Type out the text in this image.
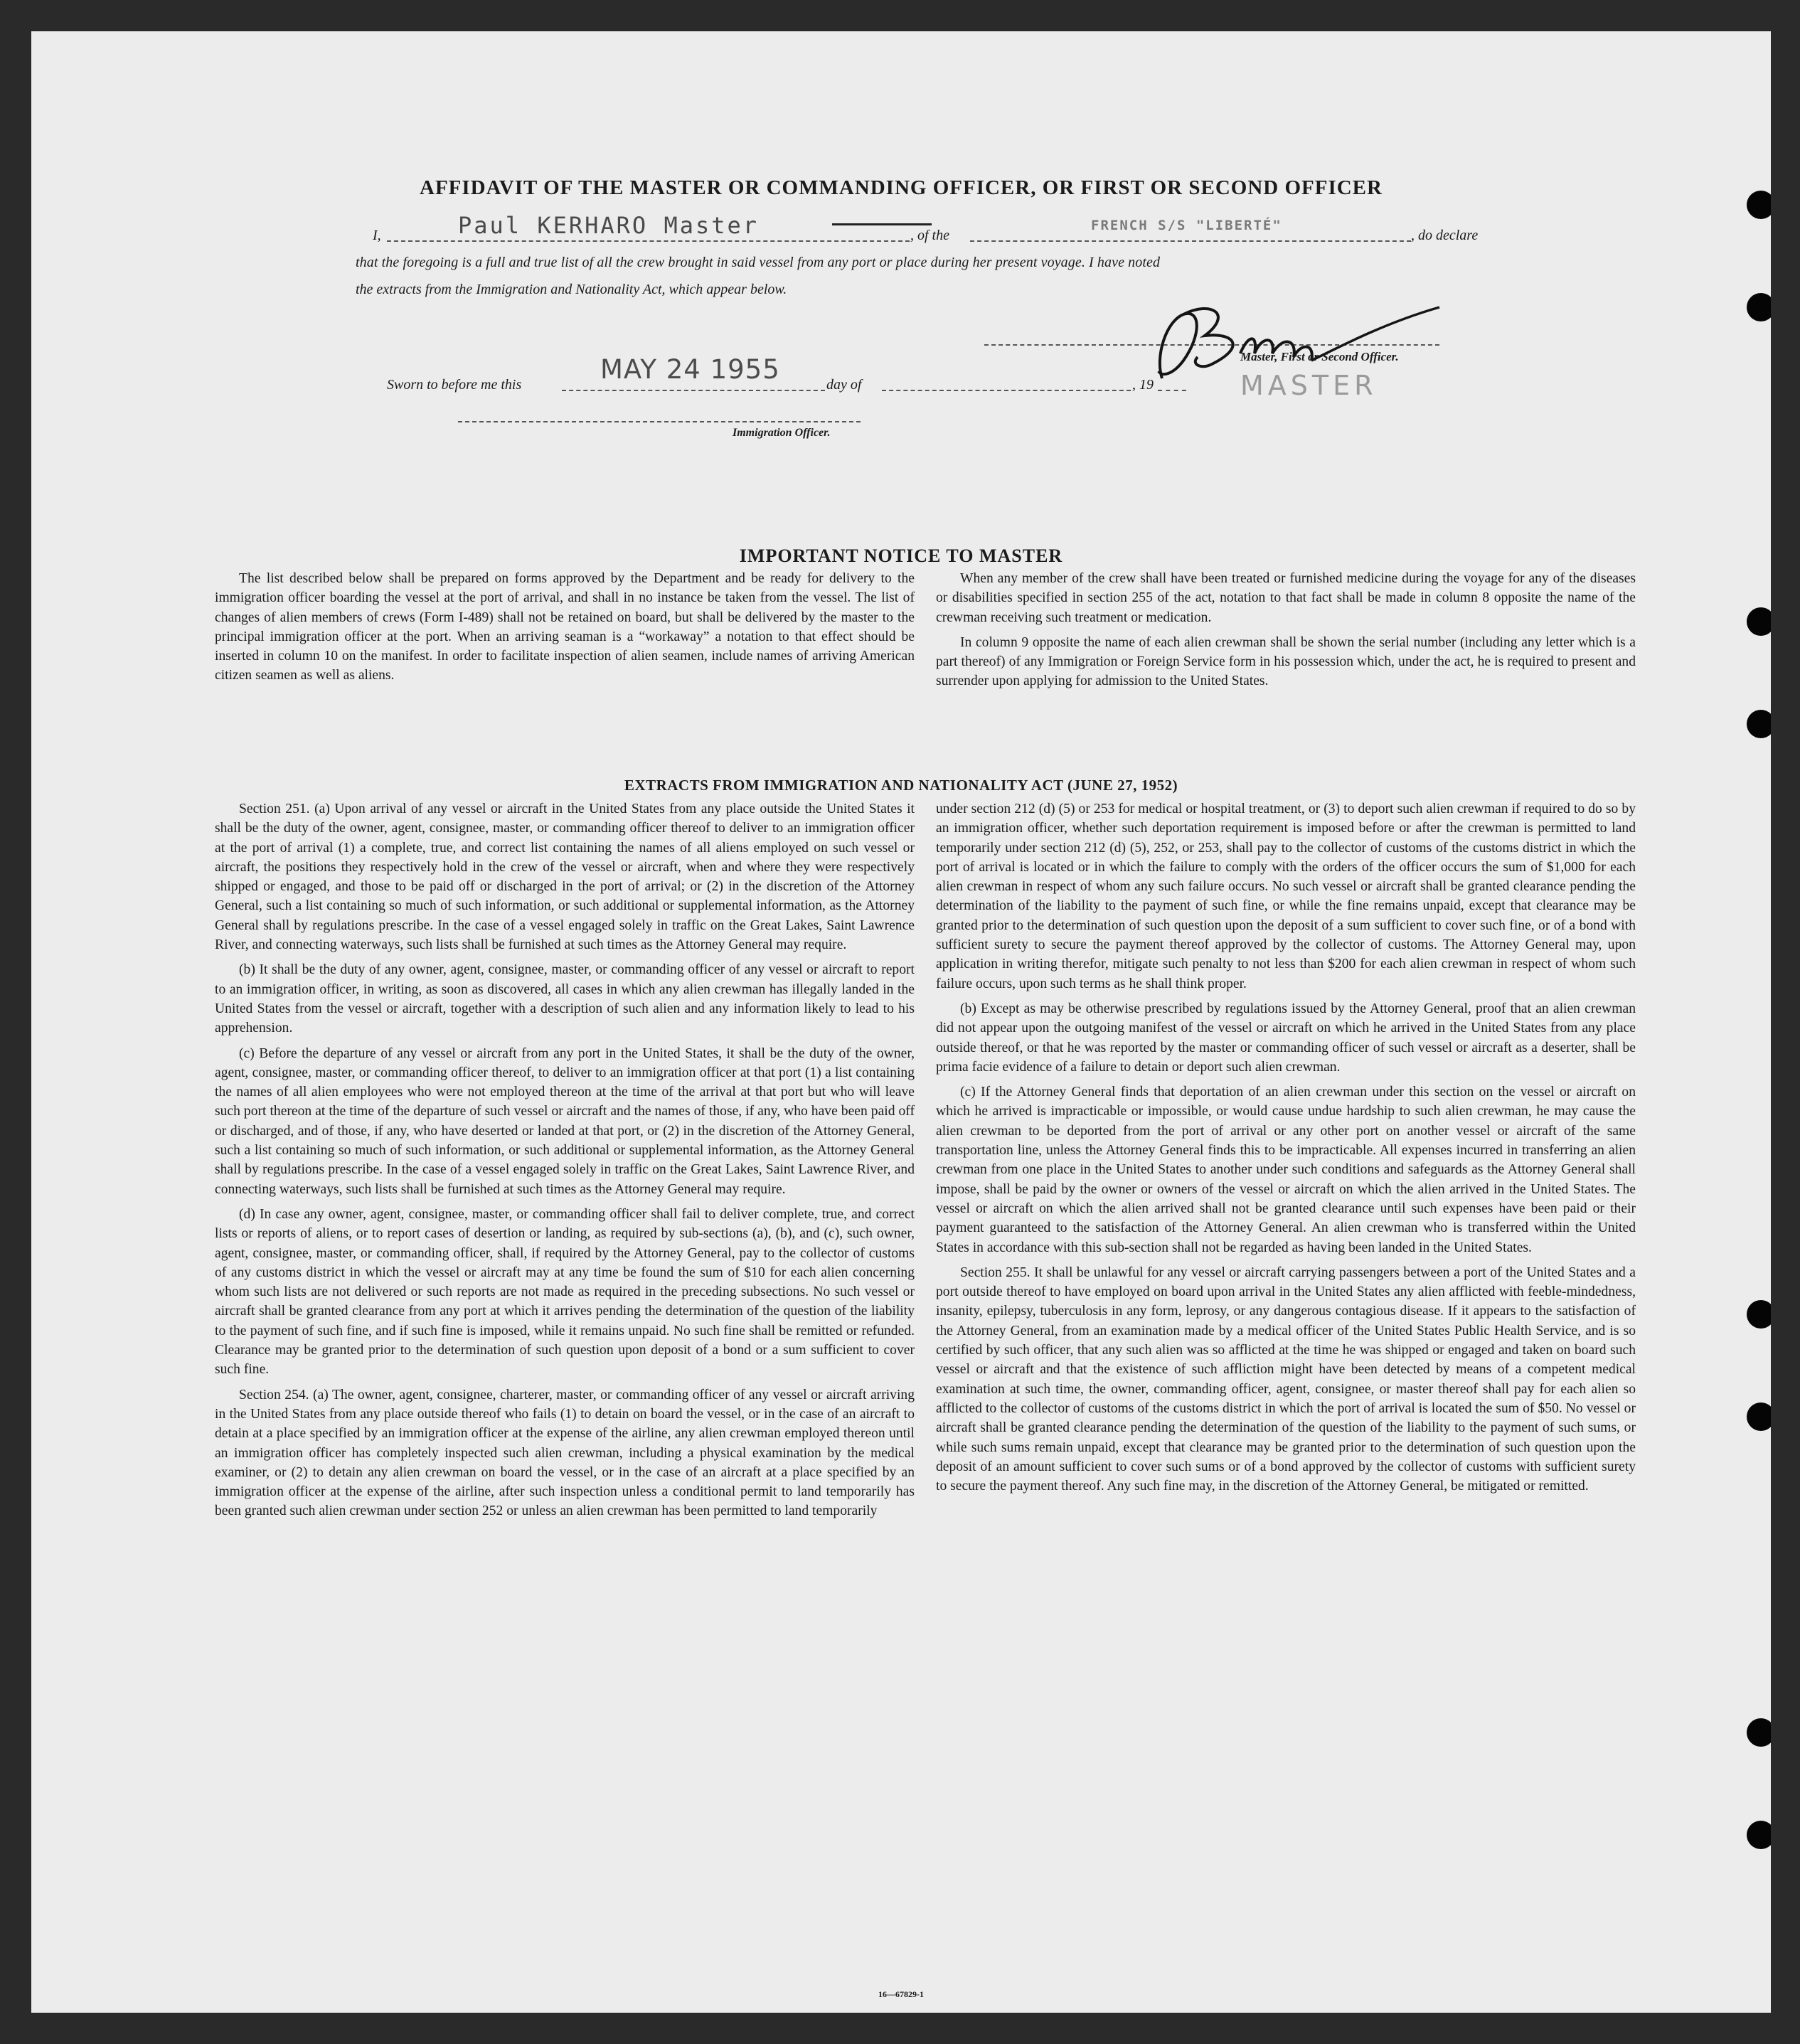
AFFIDAVIT OF THE MASTER OR COMMANDING OFFICER, OR FIRST OR SECOND OFFICER
I,	Paul KERHARO Master	, of the
FRENCH S/S "LIBERTÉ"
, do declare
that the foregoing is a full and true list of all the crew brought in said vessel from any port or place during her present voyage. I have noted
the extracts from the Immigration and Nationality Act, which appear below.
Master, First or Second Officer.
MASTER
Sworn to before me this	MAY 24 1955	day of	, 19
Immigration Officer.
IMPORTANT NOTICE TO MASTER

The list described below shall be prepared on forms approved by the Department and be ready for delivery to the immigration officer boarding the vessel at the port of arrival, and shall in no instance be taken from the vessel. The list of changes of alien members of crews (Form I-489) shall not be retained on board, but shall be delivered by the master to the principal immigration officer at the port. When an arriving seaman is a “workaway” a notation to that effect should be inserted in column 10 on the manifest. In order to facilitate inspection of alien seamen, include names of arriving American citizen seamen as well as aliens.

When any member of the crew shall have been treated or furnished medicine during the voyage for any of the diseases or disabilities specified in section 255 of the act, notation to that fact shall be made in column 8 opposite the name of the crewman receiving such treatment or medication.

In column 9 opposite the name of each alien crewman shall be shown the serial number (including any letter which is a part thereof) of any Immigration or Foreign Service form in his possession which, under the act, he is required to present and surrender upon applying for admission to the United States.

EXTRACTS FROM IMMIGRATION AND NATIONALITY ACT (JUNE 27, 1952)

Section 251. (a) Upon arrival of any vessel or aircraft in the United States from any place outside the United States it shall be the duty of the owner, agent, consignee, master, or commanding officer thereof to deliver to an immigration officer at the port of arrival (1) a complete, true, and correct list containing the names of all aliens employed on such vessel or aircraft, the positions they respectively hold in the crew of the vessel or aircraft, when and where they were respectively shipped or engaged, and those to be paid off or discharged in the port of arrival; or (2) in the discretion of the Attorney General, such a list containing so much of such information, or such additional or supplemental information, as the Attorney General shall by regulations prescribe. In the case of a vessel engaged solely in traffic on the Great Lakes, Saint Lawrence River, and connecting waterways, such lists shall be furnished at such times as the Attorney General may require.

(b) It shall be the duty of any owner, agent, consignee, master, or commanding officer of any vessel or aircraft to report to an immigration officer, in writing, as soon as discovered, all cases in which any alien crewman has illegally landed in the United States from the vessel or aircraft, together with a description of such alien and any information likely to lead to his apprehension.

(c) Before the departure of any vessel or aircraft from any port in the United States, it shall be the duty of the owner, agent, consignee, master, or commanding officer thereof, to deliver to an immigration officer at that port (1) a list containing the names of all alien employees who were not employed thereon at the time of the arrival at that port but who will leave such port thereon at the time of the departure of such vessel or aircraft and the names of those, if any, who have been paid off or discharged, and of those, if any, who have deserted or landed at that port, or (2) in the discretion of the Attorney General, such a list containing so much of such information, or such additional or supplemental information, as the Attorney General shall by regulations prescribe. In the case of a vessel engaged solely in traffic on the Great Lakes, Saint Lawrence River, and connecting waterways, such lists shall be furnished at such times as the Attorney General may require.

(d) In case any owner, agent, consignee, master, or commanding officer shall fail to deliver complete, true, and correct lists or reports of aliens, or to report cases of desertion or landing, as required by sub-sections (a), (b), and (c), such owner, agent, consignee, master, or commanding officer, shall, if required by the Attorney General, pay to the collector of customs of any customs district in which the vessel or aircraft may at any time be found the sum of $10 for each alien concerning whom such lists are not delivered or such reports are not made as required in the preceding subsections. No such vessel or aircraft shall be granted clearance from any port at which it arrives pending the determination of the question of the liability to the payment of such fine, and if such fine is imposed, while it remains unpaid. No such fine shall be remitted or refunded. Clearance may be granted prior to the determination of such question upon deposit of a bond or a sum sufficient to cover such fine.

Section 254. (a) The owner, agent, consignee, charterer, master, or commanding officer of any vessel or aircraft arriving in the United States from any place outside thereof who fails (1) to detain on board the vessel, or in the case of an aircraft to detain at a place specified by an immigration officer at the expense of the airline, any alien crewman employed thereon until an immigration officer has completely inspected such alien crewman, including a physical examination by the medical examiner, or (2) to detain any alien crewman on board the vessel, or in the case of an aircraft at a place specified by an immigration officer at the expense of the airline, after such inspection unless a conditional permit to land temporarily has been granted such alien crewman under section 252 or unless an alien crewman has been permitted to land temporarily

under section 212 (d) (5) or 253 for medical or hospital treatment, or (3) to deport such alien crewman if required to do so by an immigration officer, whether such deportation requirement is imposed before or after the crewman is permitted to land temporarily under section 212 (d) (5), 252, or 253, shall pay to the collector of customs of the customs district in which the port of arrival is located or in which the failure to comply with the orders of the officer occurs the sum of $1,000 for each alien crewman in respect of whom any such failure occurs. No such vessel or aircraft shall be granted clearance pending the determination of the liability to the payment of such fine, or while the fine remains unpaid, except that clearance may be granted prior to the determination of such question upon the deposit of a sum sufficient to cover such fine, or of a bond with sufficient surety to secure the payment thereof approved by the collector of customs. The Attorney General may, upon application in writing therefor, mitigate such penalty to not less than $200 for each alien crewman in respect of whom such failure occurs, upon such terms as he shall think proper.

(b) Except as may be otherwise prescribed by regulations issued by the Attorney General, proof that an alien crewman did not appear upon the outgoing manifest of the vessel or aircraft on which he arrived in the United States from any place outside thereof, or that he was reported by the master or commanding officer of such vessel or aircraft as a deserter, shall be prima facie evidence of a failure to detain or deport such alien crewman.

(c) If the Attorney General finds that deportation of an alien crewman under this section on the vessel or aircraft on which he arrived is impracticable or impossible, or would cause undue hardship to such alien crewman, he may cause the alien crewman to be deported from the port of arrival or any other port on another vessel or aircraft of the same transportation line, unless the Attorney General finds this to be impracticable. All expenses incurred in transferring an alien crewman from one place in the United States to another under such conditions and safeguards as the Attorney General shall impose, shall be paid by the owner or owners of the vessel or aircraft on which the alien arrived in the United States. The vessel or aircraft on which the alien arrived shall not be granted clearance until such expenses have been paid or their payment guaranteed to the satisfaction of the Attorney General. An alien crewman who is transferred within the United States in accordance with this sub-section shall not be regarded as having been landed in the United States.

Section 255. It shall be unlawful for any vessel or aircraft carrying passengers between a port of the United States and a port outside thereof to have employed on board upon arrival in the United States any alien afflicted with feeble-mindedness, insanity, epilepsy, tuberculosis in any form, leprosy, or any dangerous contagious disease. If it appears to the satisfaction of the Attorney General, from an examination made by a medical officer of the United States Public Health Service, and is so certified by such officer, that any such alien was so afflicted at the time he was shipped or engaged and taken on board such vessel or aircraft and that the existence of such affliction might have been detected by means of a competent medical examination at such time, the owner, commanding officer, agent, consignee, or master thereof shall pay for each alien so afflicted to the collector of customs of the customs district in which the port of arrival is located the sum of $50. No vessel or aircraft shall be granted clearance pending the determination of the question of the liability to the payment of such sums, or while such sums remain unpaid, except that clearance may be granted prior to the determination of such question upon the deposit of an amount sufficient to cover such sums or of a bond approved by the collector of customs with sufficient surety to secure the payment thereof. Any such fine may, in the discretion of the Attorney General, be mitigated or remitted.

16—67829-1
